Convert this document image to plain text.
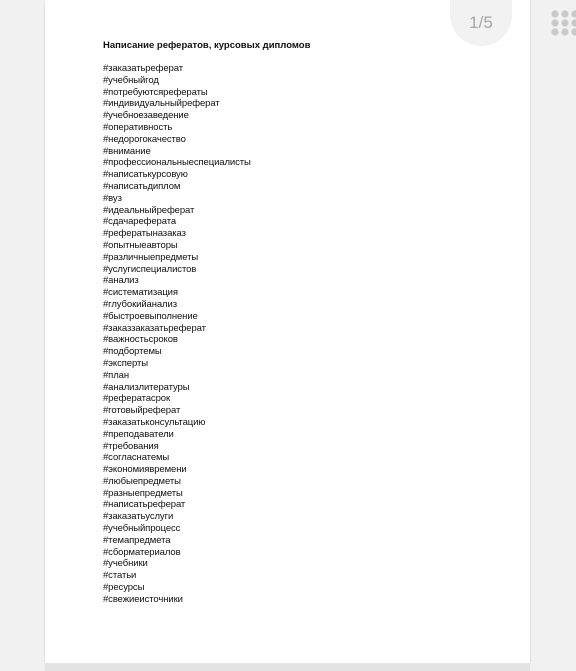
Написание рефератов, курсовых дипломов
#заказатьреферат
#учебныйгод
#потребуютсярефераты
#индивидуальныйреферат
#учебноезаведение
#оперативность
#недорогокачество
#внимание
#профессиональныеспециалисты
#написатькурсовую
#написатьдиплом
#вуз
#идеальныйреферат
#сдачареферата
#рефератыназаказ
#опытныеавторы
#различныепредметы
#услугиспециалистов
#анализ
#систематизация
#глубокийанализ
#быстроевыполнение
#заказзаказатьреферат
#важностьсроков
#подбортемы
#эксперты
#план
#анализлитературы
#рефератасрок
#готовыйреферат
#заказатьконсультацию
#преподаватели
#требования
#согласнатемы
#экономиявремени
#любыепредметы
#разныепредметы
#написатьреферат
#заказатьуслуги
#учебныйпроцесс
#темапредмета
#сборматериалов
#учебники
#статьи
#ресурсы
#свежиеисточники
1/5
